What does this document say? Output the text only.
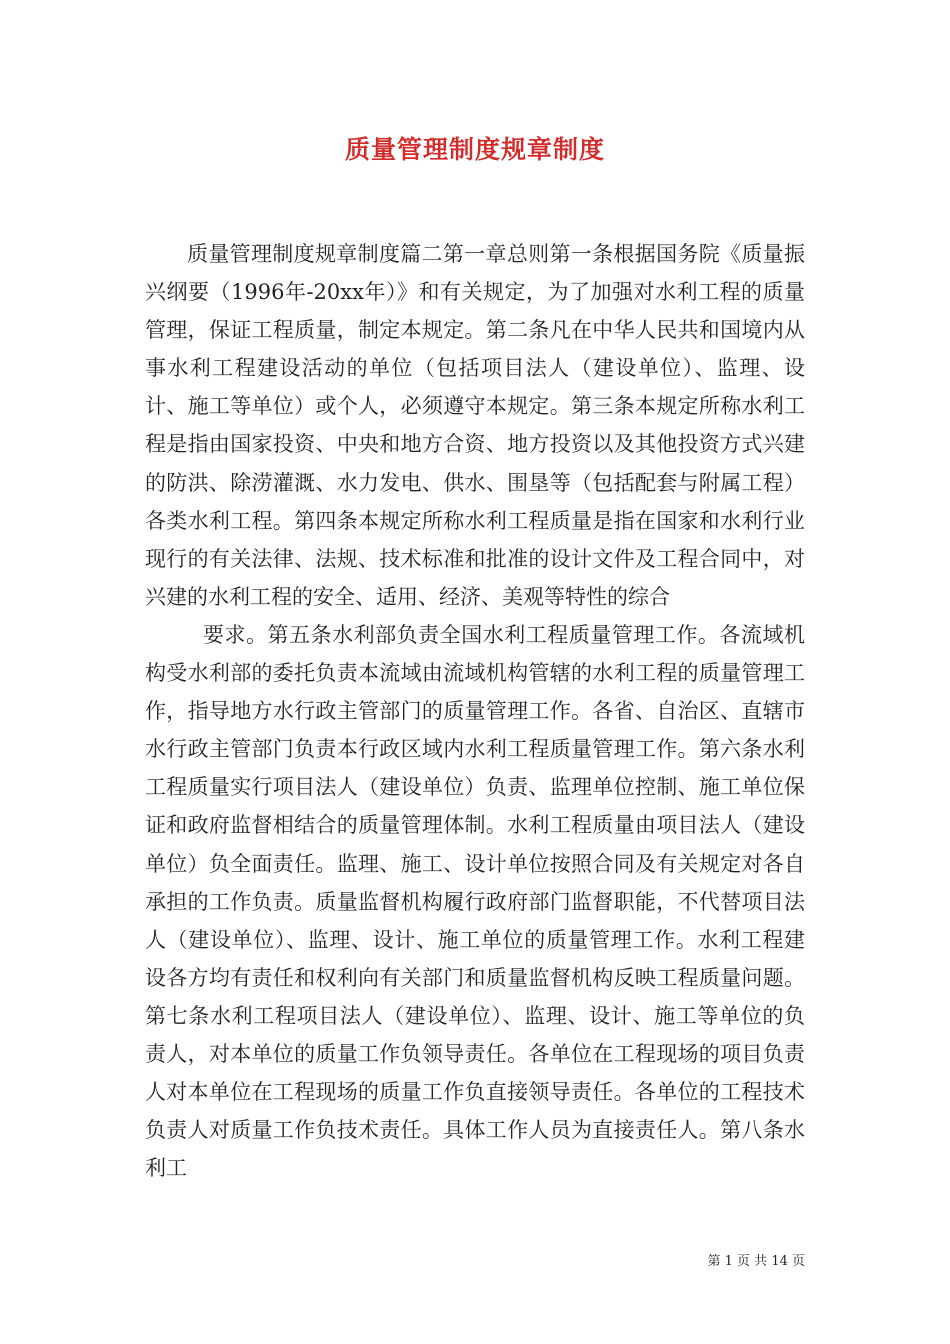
质量管理制度规章制度

质量管理制度规章制度篇二第一章总则第一条根据国务院《质量振兴纲要（1996年-20xx年）》和有关规定，为了加强对水利工程的质量管理，保证工程质量，制定本规定。第二条凡在中华人民共和国境内从事水利工程建设活动的单位（包括项目法人（建设单位）、监理、设计、施工等单位）或个人，必须遵守本规定。第三条本规定所称水利工程是指由国家投资、中央和地方合资、地方投资以及其他投资方式兴建的防洪、除涝灌溉、水力发电、供水、围垦等（包括配套与附属工程）各类水利工程。第四条本规定所称水利工程质量是指在国家和水利行业现行的有关法律、法规、技术标准和批准的设计文件及工程合同中，对兴建的水利工程的安全、适用、经济、美观等特性的综合

要求。第五条水利部负责全国水利工程质量管理工作。各流域机构受水利部的委托负责本流域由流域机构管辖的水利工程的质量管理工作，指导地方水行政主管部门的质量管理工作。各省、自治区、直辖市水行政主管部门负责本行政区域内水利工程质量管理工作。第六条水利工程质量实行项目法人（建设单位）负责、监理单位控制、施工单位保证和政府监督相结合的质量管理体制。水利工程质量由项目法人（建设单位）负全面责任。监理、施工、设计单位按照合同及有关规定对各自承担的工作负责。质量监督机构履行政府部门监督职能，不代替项目法人（建设单位）、监理、设计、施工单位的质量管理工作。水利工程建设各方均有责任和权利向有关部门和质量监督机构反映工程质量问题。第七条水利工程项目法人（建设单位）、监理、设计、施工等单位的负责人，对本单位的质量工作负领导责任。各单位在工程现场的项目负责人对本单位在工程现场的质量工作负直接领导责任。各单位的工程技术负责人对质量工作负技术责任。具体工作人员为直接责任人。第八条水利工

第 1 页 共 14 页
